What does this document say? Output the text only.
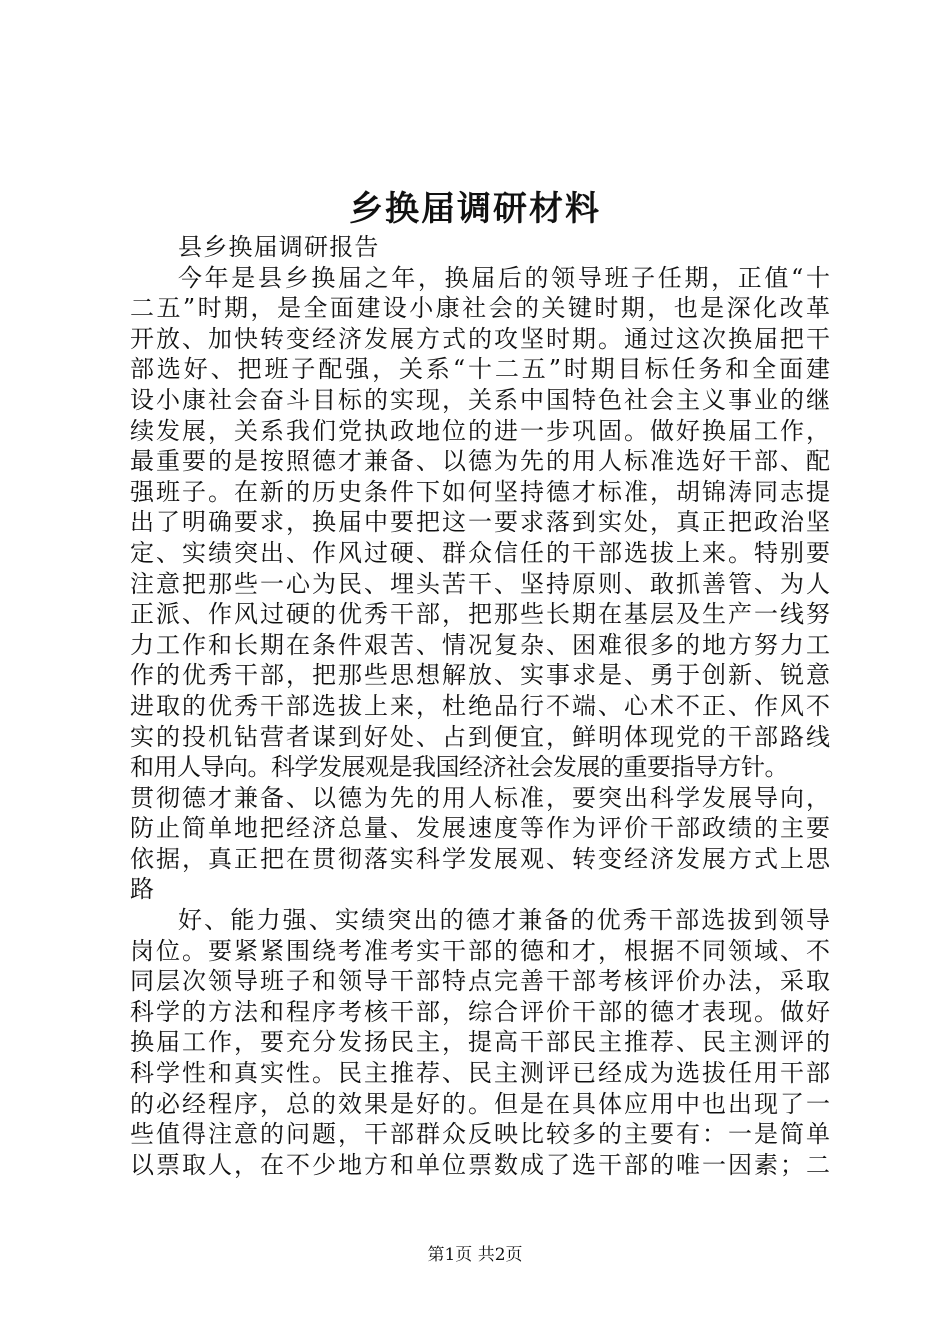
乡换届调研材料
县乡换届调研报告
今年是县乡换届之年，换届后的领导班子任期，正值“十
二五”时期，是全面建设小康社会的关键时期，也是深化改革
开放、加快转变经济发展方式的攻坚时期。通过这次换届把干
部选好、把班子配强，关系“十二五”时期目标任务和全面建
设小康社会奋斗目标的实现，关系中国特色社会主义事业的继
续发展，关系我们党执政地位的进一步巩固。做好换届工作，
最重要的是按照德才兼备、以德为先的用人标准选好干部、配
强班子。在新的历史条件下如何坚持德才标准，胡锦涛同志提
出了明确要求，换届中要把这一要求落到实处，真正把政治坚
定、实绩突出、作风过硬、群众信任的干部选拔上来。特别要
注意把那些一心为民、埋头苦干、坚持原则、敢抓善管、为人
正派、作风过硬的优秀干部，把那些长期在基层及生产一线努
力工作和长期在条件艰苦、情况复杂、困难很多的地方努力工
作的优秀干部，把那些思想解放、实事求是、勇于创新、锐意
进取的优秀干部选拔上来，杜绝品行不端、心术不正、作风不
实的投机钻营者谋到好处、占到便宜，鲜明体现党的干部路线
和用人导向。科学发展观是我国经济社会发展的重要指导方针。
贯彻德才兼备、以德为先的用人标准，要突出科学发展导向，
防止简单地把经济总量、发展速度等作为评价干部政绩的主要
依据，真正把在贯彻落实科学发展观、转变经济发展方式上思
路
好、能力强、实绩突出的德才兼备的优秀干部选拔到领导
岗位。要紧紧围绕考准考实干部的德和才，根据不同领域、不
同层次领导班子和领导干部特点完善干部考核评价办法，采取
科学的方法和程序考核干部，综合评价干部的德才表现。做好
换届工作，要充分发扬民主，提高干部民主推荐、民主测评的
科学性和真实性。民主推荐、民主测评已经成为选拔任用干部
的必经程序，总的效果是好的。但是在具体应用中也出现了一
些值得注意的问题，干部群众反映比较多的主要有：一是简单
以票取人，在不少地方和单位票数成了选干部的唯一因素；二
第1页 共2页
